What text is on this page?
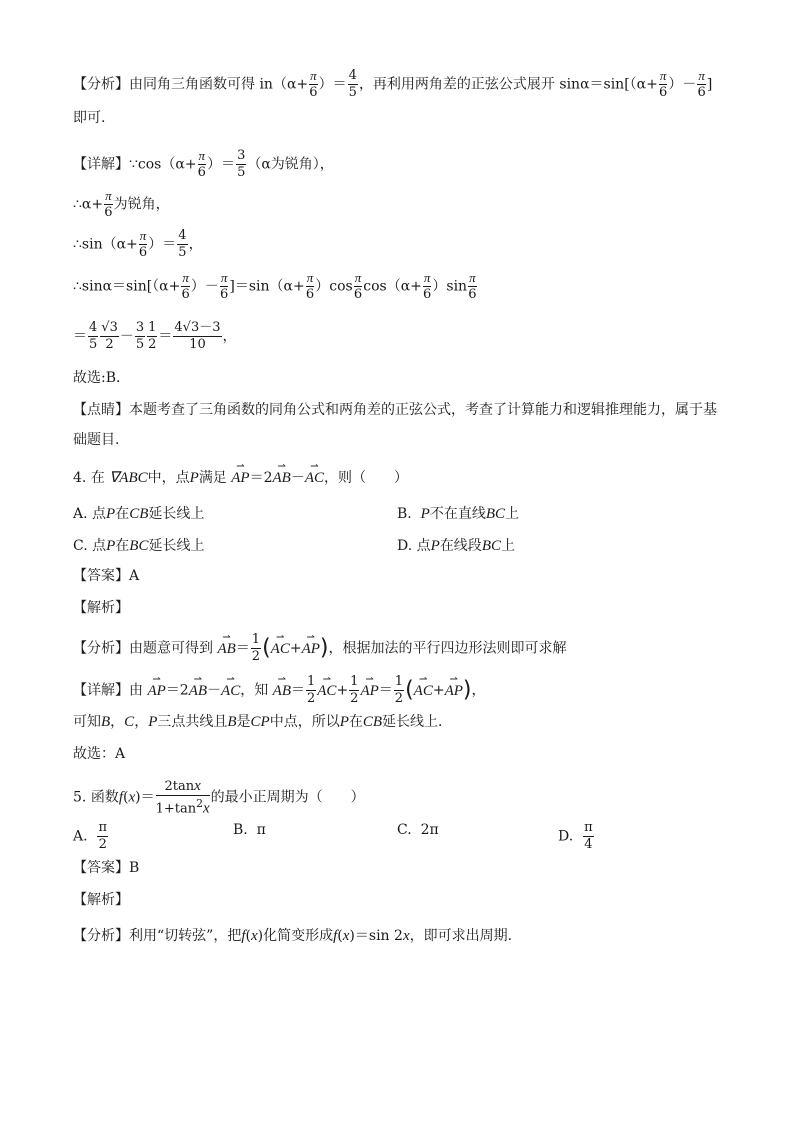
【分析】由同角三角函数可得 $in(\alpha+ \frac{\pi}{6}$ ）＝ $\frac{4}{5}$ ，再利用两角差的正弦公式展开 $\sin\alpha=\sin[(\alpha+ \frac{\pi}{6}$ ）－ $\frac{\pi}{6}$ ]
即可.
【详解】∵cos（α+ $\frac{\pi}{6}$ ）＝ $\frac{3}{5} (\alpha$为锐角），
∴α+ $\frac{\pi}{6}$ 为锐角，
∴sin（α+ $\frac{\pi}{6}$ ）＝ $\frac{4}{5}$ ，
∴sinα＝sin[（α+ $\frac{\pi}{6}$ ）－ $\frac{\pi}{6} ]=\sin(\alpha+ \frac{\pi}{6} )\cos \frac{\pi}{6} \cos(\alpha+ \frac{\pi}{6} )\sin \frac{\pi}{6}$
＝ $\frac{4}{5} \frac{√3}{2} - \frac{3}{5} \frac{1}{2} = \frac{4√3-3}{10}$ ，
故选:B．
【点睛】本题考查了三角函数的同角公式和两角差的正弦公式，考查了计算能力和逻辑推理能力，属于基
础题目.
4. 在 ∇ABC中，点P满足 ⇀ AP＝2⇀ AB－⇀ AC，则（　　）
A. 点P在CB延长线上	B. P不在直线BC上
C. 点P在BC延长线上	D. 点P在线段BC上
【答案】A
【解析】
【分析】由题意可得到 ⇀ $AB= \frac{1}{2}$ (⇀ AC+⇀ AP)，根据加法的平行四边形法则即可求解
【详解】由 ⇀ AP＝2⇀ AB－⇀ AC，知 ⇀ $AB= \frac{1}{2}$ ⇀ $AC+ \frac{1}{2}$ ⇀ $AP= \frac{1}{2}$ (⇀ AC+⇀ AP)，
可知B，C，P三点共线且B是CP中点，所以P在CB延长线上．
故选：A
5. 函数$f(x)= \frac{2\tan x}{1+\tan^2x}$ 的最小正周期为（　　）
A. $\frac{\pi}{2}$	B. π	C. 2π	D. $\frac{\pi}{4}$
【答案】B
【解析】
【分析】利用“切转弦”，把f(x)化简变形成f(x)＝sin 2x，即可求出周期.
